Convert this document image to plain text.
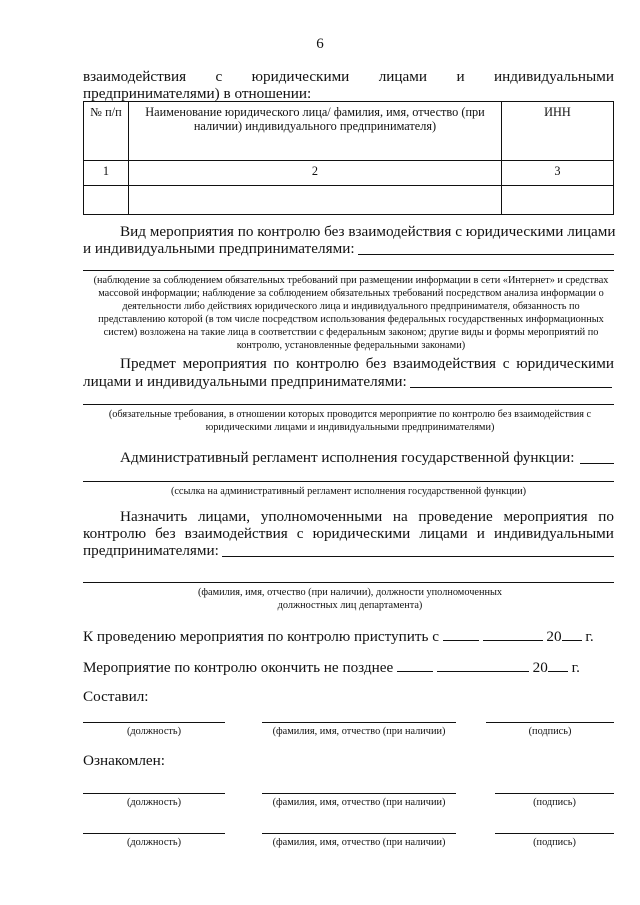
6
взаимодействия с юридическими лицами и индивидуальными
предпринимателями) в отношении:
№ п/п	Наименование юридического лица/ фамилия, имя, отчество (при наличии) индивидуального предпринимателя)	ИНН
1	2	3

Вид мероприятия по контролю без взаимодействия с юридическими лицами
и индивидуальными предпринимателями:
(наблюдение за соблюдением обязательных требований при размещении информации в сети «Интернет» и средствах массовой информации; наблюдение за соблюдением обязательных требований посредством анализа информации о деятельности либо действиях юридического лица и индивидуального предпринимателя, обязанность по представлению которой (в том числе посредством использования федеральных государственных информационных систем) возложена на такие лица в соответствии с федеральным законом; другие виды и формы мероприятий по контролю, установленные федеральными законами)
Предмет мероприятия по контролю без взаимодействия с юридическими
лицами и индивидуальными предпринимателями:
(обязательные требования, в отношении которых проводится мероприятие по контролю без взаимодействия с юридическими лицами и индивидуальными предпринимателями)
Административный регламент исполнения государственной функции:
(ссылка на административный регламент исполнения государственной функции)
Назначить лицами, уполномоченными на проведение мероприятия по
контролю без взаимодействия с юридическими лицами и индивидуальными
предпринимателями:
(фамилия, имя, отчество (при наличии), должности уполномоченных должностных лиц департамента)
К проведению мероприятия по контролю приступить с	20 г.
Мероприятие по контролю окончить не позднее	20 г.
Составил:
(должность)	(фамилия, имя, отчество (при наличии)	(подпись)
Ознакомлен:
(должность)	(фамилия, имя, отчество (при наличии)	(подпись)
(должность)	(фамилия, имя, отчество (при наличии)	(подпись)
